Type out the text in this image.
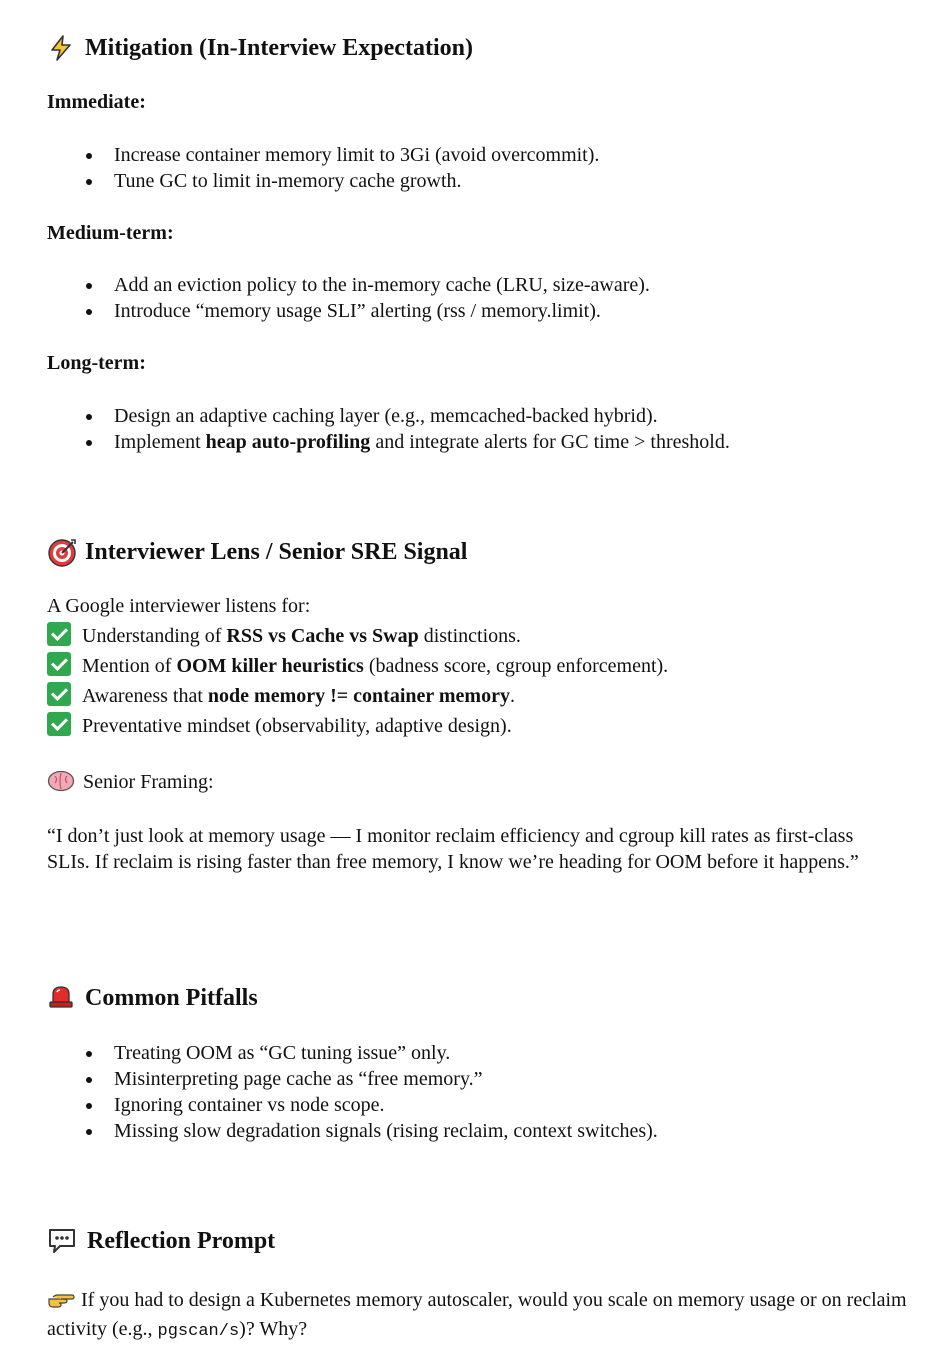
Mitigation (In-Interview Expectation)

Immediate:

Increase container memory limit to 3Gi (avoid overcommit).
Tune GC to limit in-memory cache growth.

Medium-term:

Add an eviction policy to the in-memory cache (LRU, size-aware).
Introduce “memory usage SLI” alerting (rss / memory.limit).

Long-term:

Design an adaptive caching layer (e.g., memcached-backed hybrid).
Implement heap auto-profiling and integrate alerts for GC time > threshold.
Interviewer Lens / Senior SRE Signal
A Google interviewer listens for:
Understanding of RSS vs Cache vs Swap distinctions.
Mention of OOM killer heuristics (badness score, cgroup enforcement).
Awareness that node memory != container memory.
Preventative mindset (observability, adaptive design).
Senior Framing:
“I don’t just look at memory usage — I monitor reclaim efficiency and cgroup kill rates as first-class SLIs. If reclaim is rising faster than free memory, I know we’re heading for OOM before it happens.”
Common Pitfalls
Treating OOM as “GC tuning issue” only.
Misinterpreting page cache as “free memory.”
Ignoring container vs node scope.
Missing slow degradation signals (rising reclaim, context switches).
Reflection Prompt
If you had to design a Kubernetes memory autoscaler, would you scale on memory usage or on reclaim activity (e.g., pgscan/s)? Why?
